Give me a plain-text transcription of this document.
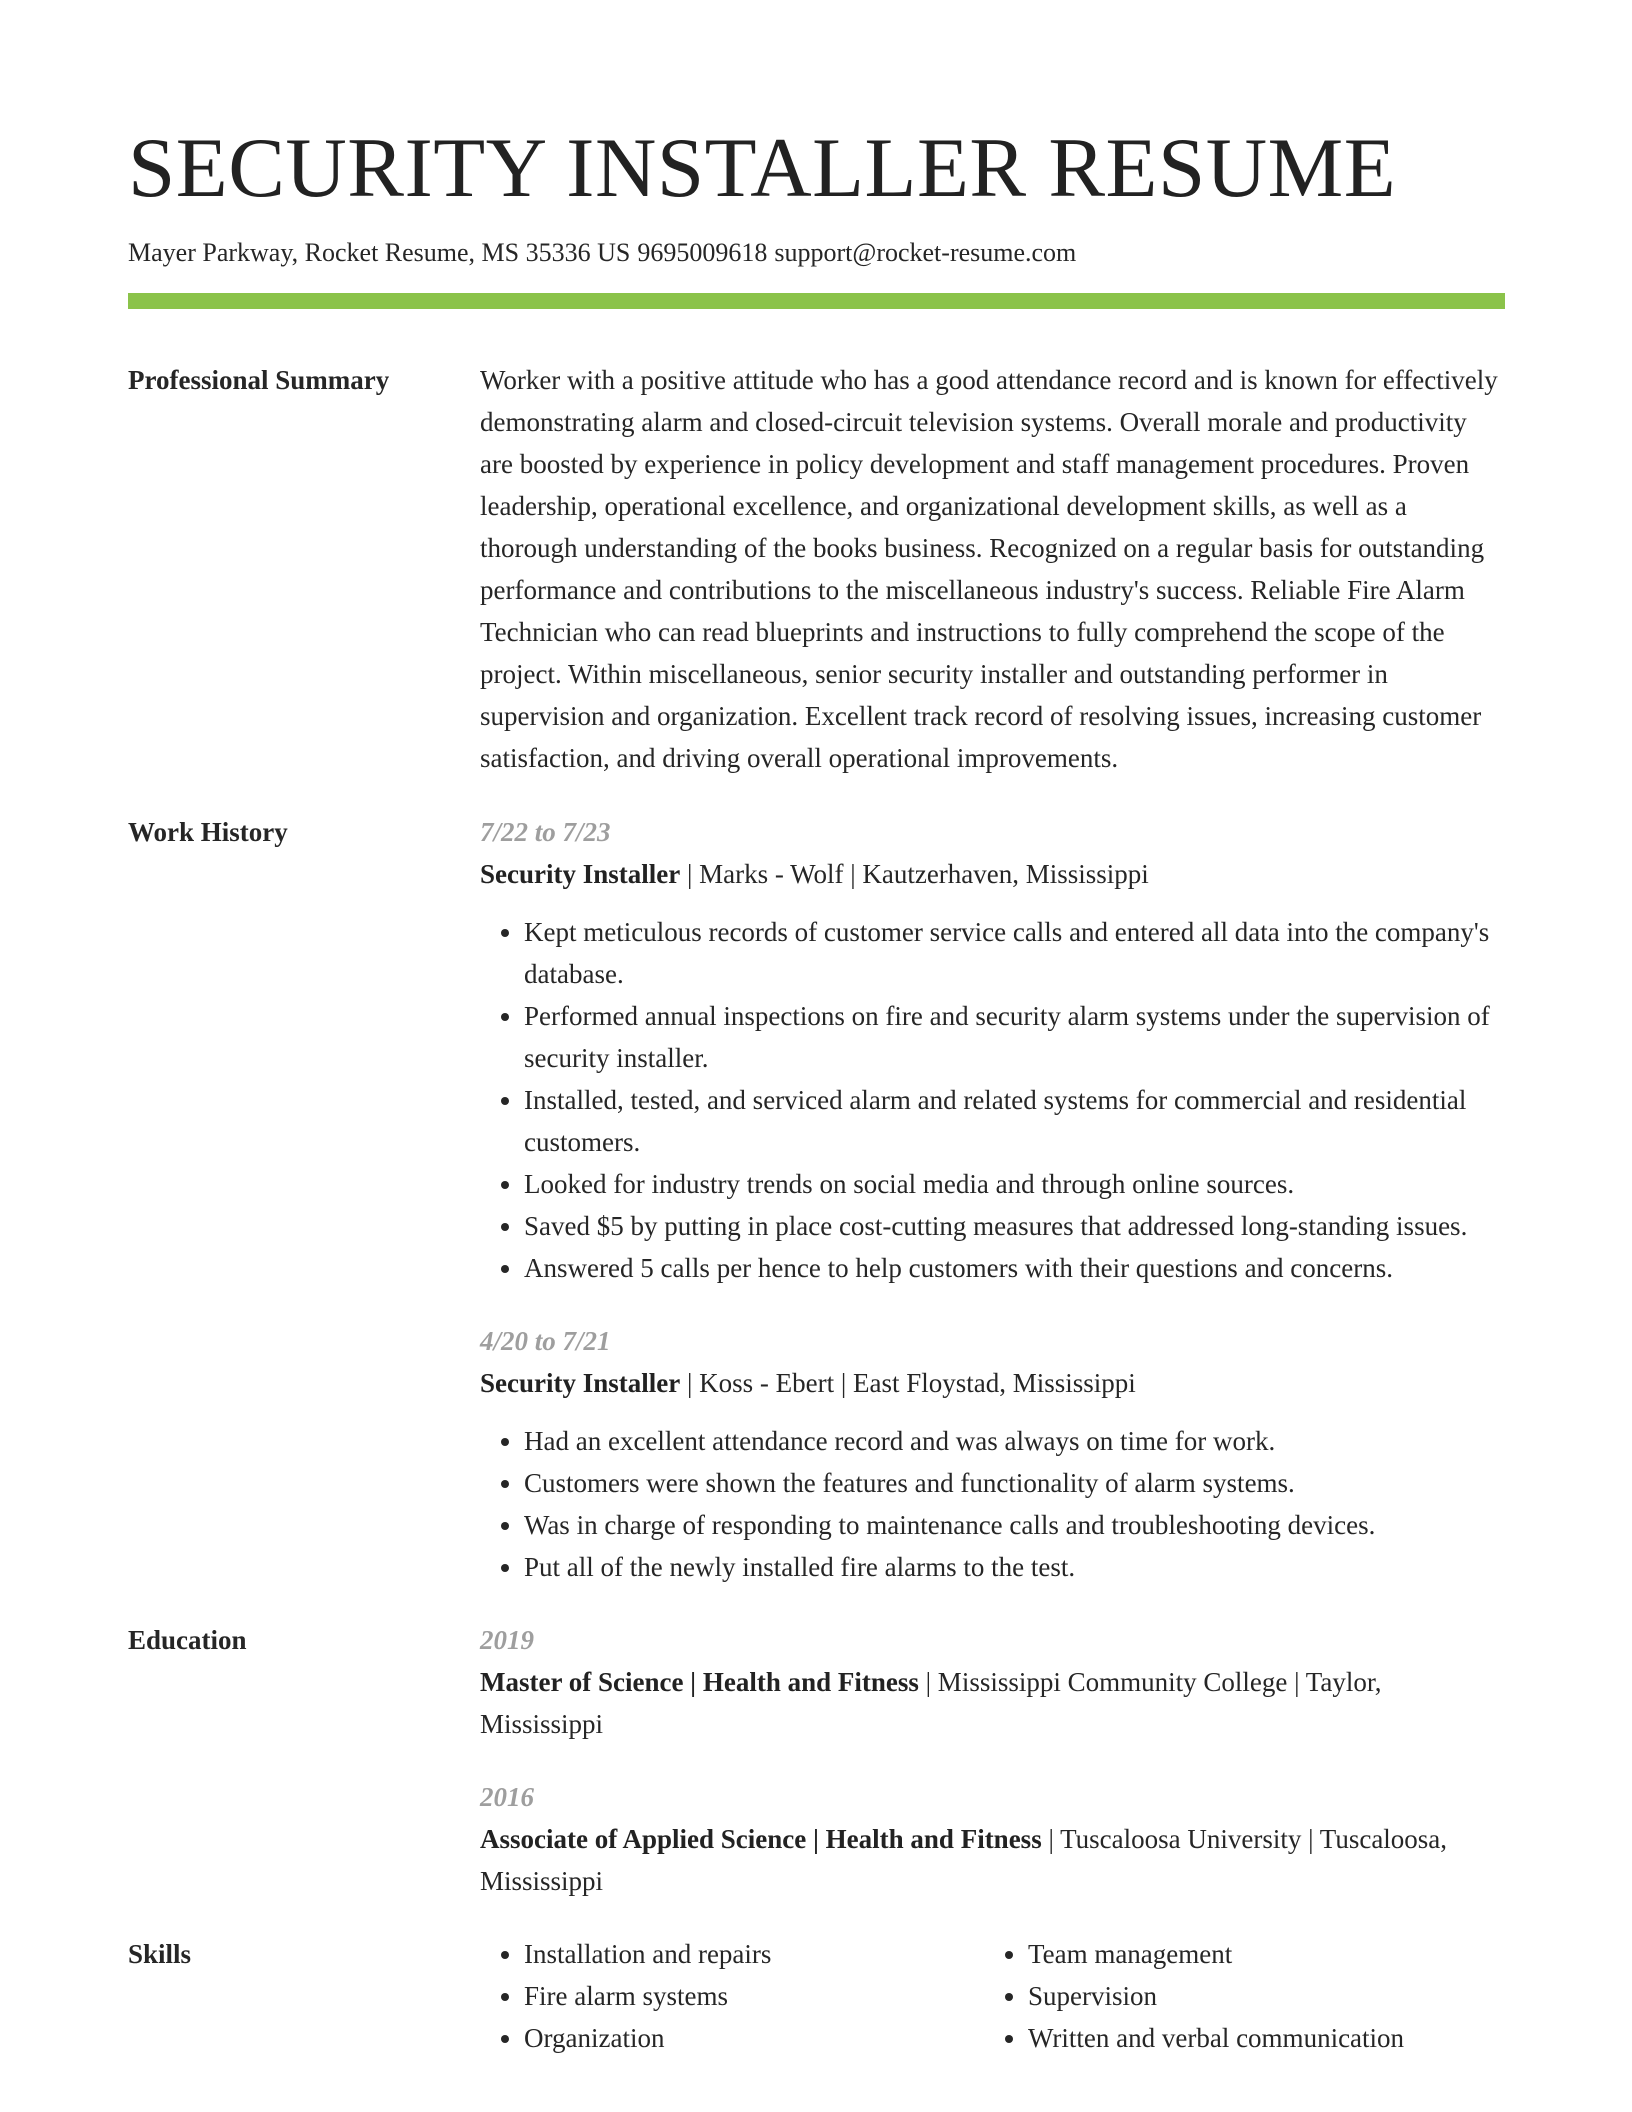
SECURITY INSTALLER RESUME
Mayer Parkway, Rocket Resume, MS 35336 US 9695009618 support@rocket-resume.com
Professional Summary	Worker with a positive attitude who has a good attendance record and is known for effectively demonstrating alarm and closed-circuit television systems. Overall morale and productivity are boosted by experience in policy development and staff management procedures. Proven leadership, operational excellence, and organizational development skills, as well as a thorough understanding of the books business. Recognized on a regular basis for outstanding performance and contributions to the miscellaneous industry's success. Reliable Fire Alarm Technician who can read blueprints and instructions to fully comprehend the scope of the project. Within miscellaneous, senior security installer and outstanding performer in supervision and organization. Excellent track record of resolving issues, increasing customer satisfaction, and driving overall operational improvements.

Work History	7/22 to 7/23
Security Installer | Marks - Wolf | Kautzerhaven, Mississippi
• Kept meticulous records of customer service calls and entered all data into the company's database.
• Performed annual inspections on fire and security alarm systems under the supervision of security installer.
• Installed, tested, and serviced alarm and related systems for commercial and residential customers.
• Looked for industry trends on social media and through online sources.
• Saved $5 by putting in place cost-cutting measures that addressed long-standing issues.
• Answered 5 calls per hence to help customers with their questions and concerns.
4/20 to 7/21
Security Installer | Koss - Ebert | East Floystad, Mississippi
• Had an excellent attendance record and was always on time for work.
• Customers were shown the features and functionality of alarm systems.
• Was in charge of responding to maintenance calls and troubleshooting devices.
• Put all of the newly installed fire alarms to the test.
Education	2019
Master of Science | Health and Fitness | Mississippi Community College | Taylor, Mississippi
2016
Associate of Applied Science | Health and Fitness | Tuscaloosa University | Tuscaloosa, Mississippi
Skills
•	Installation and repairs
• Fire alarm systems
• Organization
• Team management
• Supervision
• Written and verbal communication
